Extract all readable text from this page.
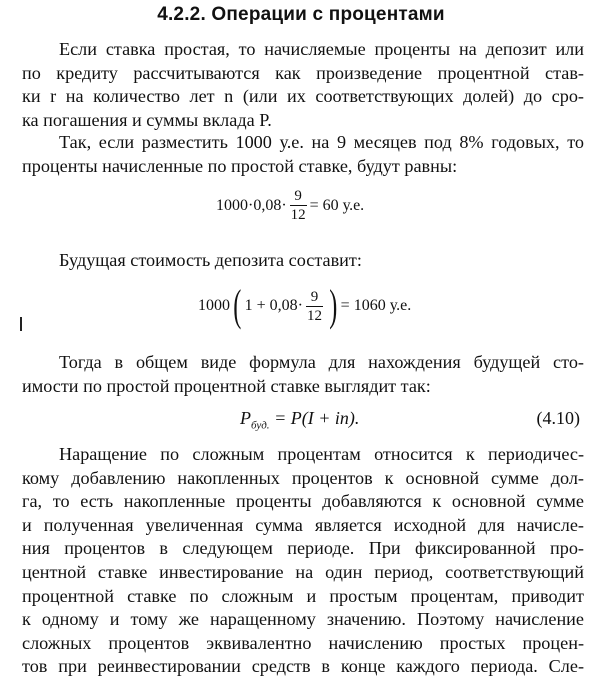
4.2.2. Операции с процентами
Если ставка простая, то начисляемые проценты на депозит или
по кредиту рассчитываются как произведение процентной став-
ки r на количество лет n (или их соответствующих долей) до сро-
ка погашения и суммы вклада P.
Так, если разместить 1000 у.е. на 9 месяцев под 8% годовых, то
проценты начисленные по простой ставке, будут равны:
$1000\cdot 0,08\cdot \frac{9}{12} = 60$ у.е.
Будущая стоимость депозита составит:
1000 ( $1 + 0,08\cdot \frac{9}{12}$ ) = 1060 у.е.
Тогда в общем виде формула для нахождения будущей сто-
имости по простой процентной ставке выглядит так:
$P_{буд.} = P(I + in)$.	(4.10)
Наращение по сложным процентам относится к периодичес-
кому добавлению накопленных процентов к основной сумме дол-
га, то есть накопленные проценты добавляются к основной сумме
и полученная увеличенная сумма является исходной для начисле-
ния процентов в следующем периоде. При фиксированной про-
центной ставке инвестирование на один период, соответствующий
процентной ставке по сложным и простым процентам, приводит
к одному и тому же наращенному значению. Поэтому начисление
сложных процентов эквивалентно начислению простых процен-
тов при реинвестировании средств в конце каждого периода. Сле-
